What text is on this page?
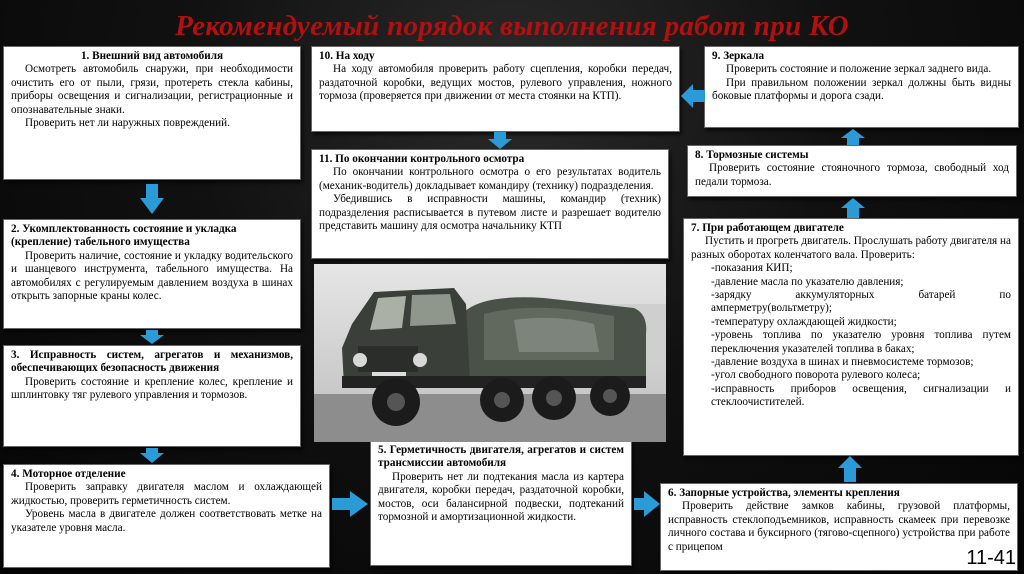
Рекомендуемый порядок выполнения работ при КО
1. Внешний вид автомобиля

Осмотреть автомобиль снаружи, при необходимости очистить его от пыли, грязи, протереть стекла кабины, приборы освещения и сигнализации, регистрационные и опознавательные знаки.

Проверить нет ли наружных повреждений.

2. Укомплектованность состояние и укладка (крепление) табельного имущества

Проверить наличие, состояние и укладку водительского и шанцевого инструмента, табельного имущества. На автомобилях с регулируемым давлением воздуха в шинах открыть запорные краны колес.

3. Исправность систем, агрегатов и механизмов, обеспечивающих безопасность движения

Проверить состояние и крепление колес, крепление и шплинтовку тяг рулевого управления и тормозов.

4. Моторное отделение

Проверить заправку двигателя маслом и охлаждающей жидкостью, проверить герметичность систем.

Уровень масла в двигателе должен соответствовать метке на указателе уровня масла.

5. Герметичность двигателя, агрегатов и систем трансмиссии автомобиля

Проверить нет ли подтекания масла из картера двигателя, коробки передач, раздаточной коробки, мостов, оси балансирной подвески, подтеканий тормозной и амортизационной жидкости.

6. Запорные устройства, элементы крепления

Проверить действие замков кабины, грузовой платформы, исправность стеклоподъемников, исправность скамеек при перевозке личного состава и буксирного (тягово-сцепного) устройства при работе с прицепом

7. При работающем двигателе

Пустить и прогреть двигатель. Прослушать работу двигателя на разных оборотах коленчатого вала. Проверить:

-показания КИП;
-давление масла по указателю давления;
-зарядку аккумуляторных батарей по амперметру(вольтметру);
-температуру охлаждающей жидкости;
-уровень топлива по указателю уровня топлива путем переключения указателей топлива в баках;
-давление воздуха в шинах и пневмосистеме тормозов;
-угол свободного поворота рулевого колеса;
-исправность приборов освещения, сигнализации и стеклоочистителей.
8. Тормозные системы

Проверить состояние стояночного тормоза, свободный ход педали тормоза.

9. Зеркала

Проверить состояние и положение зеркал заднего вида.

При правильном положении зеркал должны быть видны боковые платформы и дорога сзади.

10. На ходу

На ходу автомобиля проверить работу сцепления, коробки передач, раздаточной коробки, ведущих мостов, рулевого управления, ножного тормоза (проверяется при движении от места стоянки на КТП).

11. По окончании контрольного осмотра

По окончании контрольного осмотра о его результатах водитель (механик-водитель) докладывает командиру (технику) подразделения.

Убедившись в исправности машины, командир (техник) подразделения расписывается в путевом листе и разрешает водителю представить машину для осмотра начальнику КТП

11-41
